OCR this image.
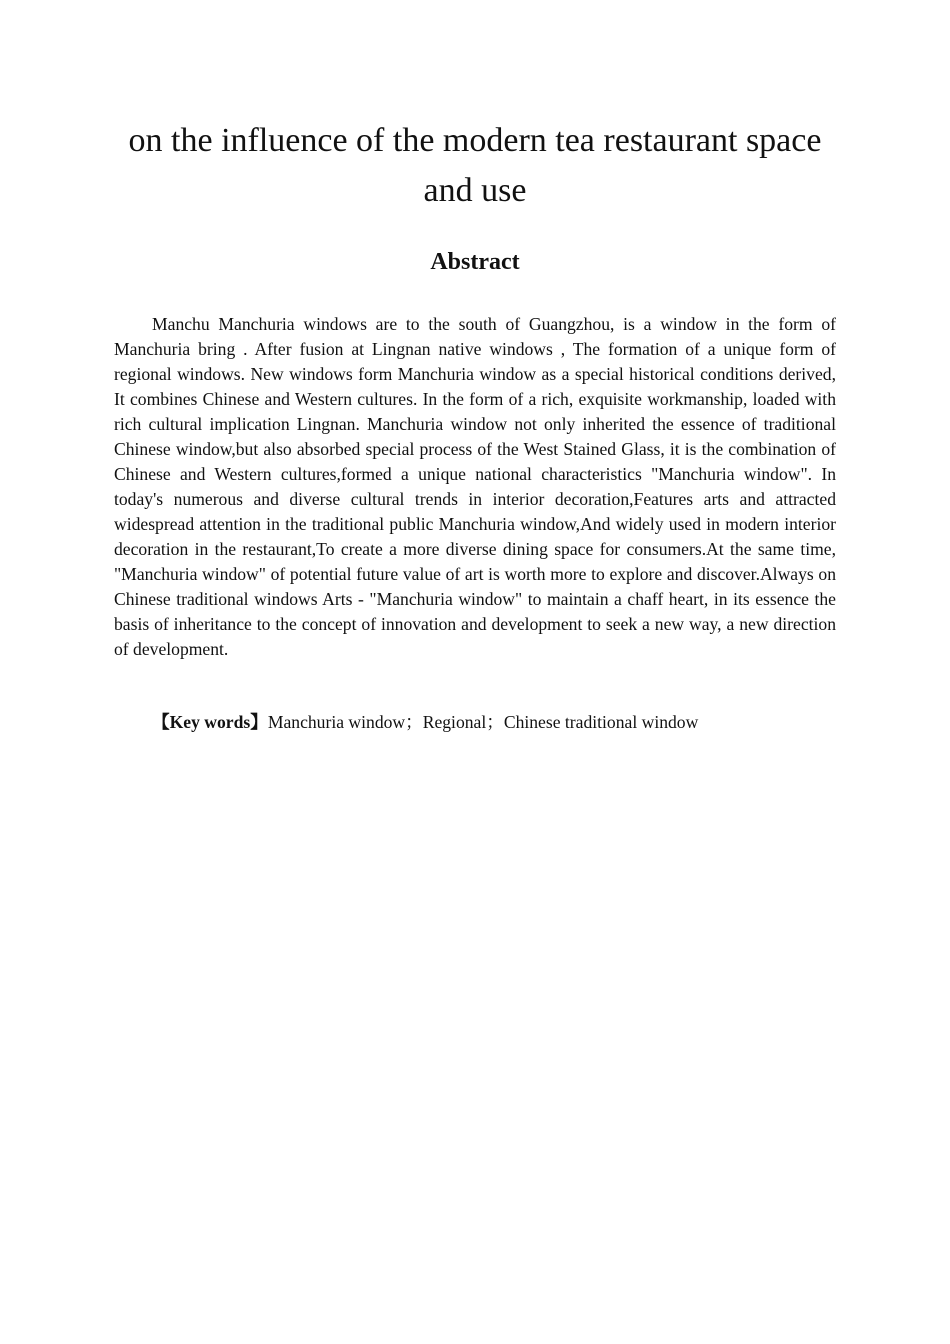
on the influence of the modern tea restaurant space and use
Abstract

Manchu Manchuria windows are to the south of Guangzhou, is a window in the form of Manchuria bring . After fusion at Lingnan native windows , The formation of a unique form of regional windows. New windows form Manchuria window as a special historical conditions derived, It combines Chinese and Western cultures. In the form of a rich, exquisite workmanship, loaded with rich cultural implication Lingnan. Manchuria window not only inherited the essence of traditional Chinese window,but also absorbed special process of the West Stained Glass, it is the combination of Chinese and Western cultures,formed a unique national characteristics "Manchuria window". In today's numerous and diverse cultural trends in interior decoration,Features arts and attracted widespread attention in the traditional public Manchuria window,And widely used in modern interior decoration in the restaurant,To create a more diverse dining space for consumers.At the same time, "Manchuria window" of potential future value of art is worth more to explore and discover.Always on Chinese traditional windows Arts - "Manchuria window" to maintain a chaff heart, in its essence the basis of inheritance to the concept of innovation and development to seek a new way, a new direction of development.

【Key words】Manchuria window；Regional；Chinese traditional window
